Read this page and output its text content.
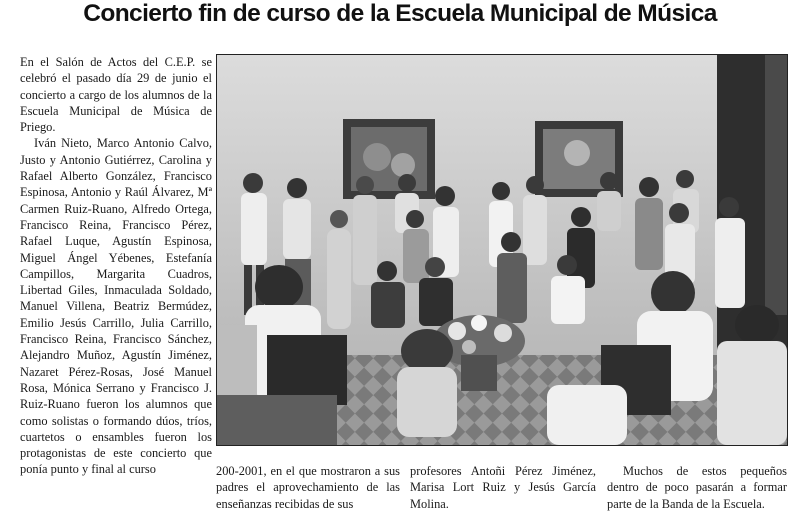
Concierto fin de curso de la Escuela Municipal de Música

En el Salón de Actos del C.E.P. se celebró el pasado día 29 de junio el concierto a cargo de los alumnos de la Escuela Municipal de Música de Priego.

Iván Nieto, Marco Antonio Calvo, Justo y Antonio Gutiérrez, Carolina y Rafael Alberto González, Francisco Espinosa, Antonio y Raúl Álvarez, Mª Carmen Ruiz-Ruano, Alfredo Ortega, Francisco Reina, Francisco Pérez, Rafael Luque, Agustín Espinosa, Miguel Ángel Yébenes, Estefanía Campillos, Margarita Cuadros, Libertad Giles, Inmaculada Soldado, Manuel Villena, Beatriz Bermúdez, Emilio Jesús Carrillo, Julia Carrillo, Francisco Reina, Francisco Sánchez, Alejandro Muñoz, Agustín Jiménez, Nazaret Pérez-Rosas, José Manuel Rosa, Mónica Serrano y Francisco J. Ruiz-Ruano fueron los alumnos que como solistas o formando dúos, tríos, cuartetos o ensambles fueron los protagonistas de este concierto que ponía punto y final al curso	200-2001, en el que mostraron a sus padres el aprovechamiento de las enseñanzas recibidas de sus

profesores Antoñi Pérez Jiménez, Marisa Lort Ruiz y Jesús García Molina.

Muchos de estos pequeños dentro de poco pasarán a formar parte de la Banda de la Escuela.
